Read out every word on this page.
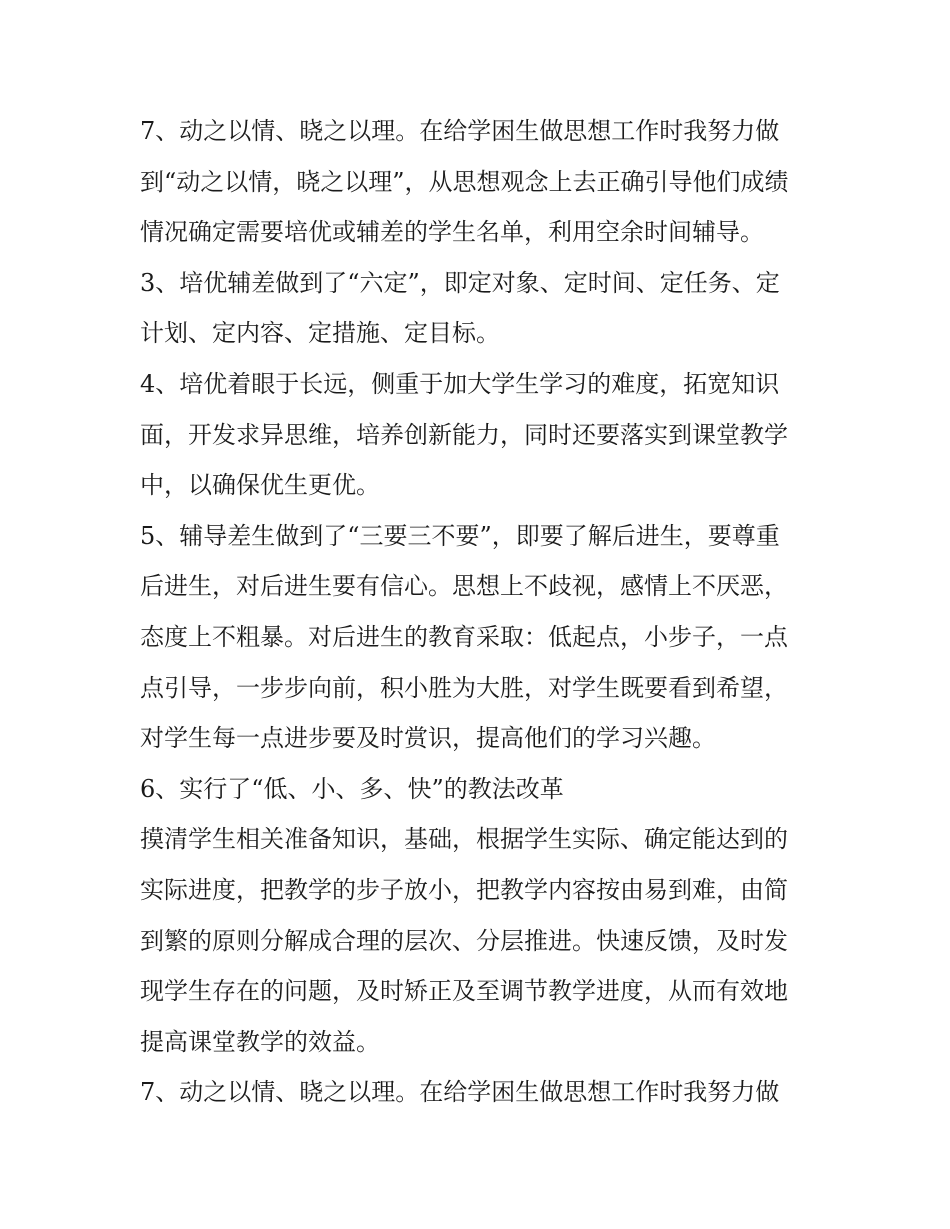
7、动之以情、晓之以理。在给学困生做思想工作时我努力做
到“动之以情，晓之以理”，从思想观念上去正确引导他们成绩
情况确定需要培优或辅差的学生名单，利用空余时间辅导。
3、培优辅差做到了“六定”，即定对象、定时间、定任务、定
计划、定内容、定措施、定目标。
4、培优着眼于长远，侧重于加大学生学习的难度，拓宽知识
面，开发求异思维，培养创新能力，同时还要落实到课堂教学
中，以确保优生更优。
5、辅导差生做到了“三要三不要”，即要了解后进生，要尊重
后进生，对后进生要有信心。思想上不歧视，感情上不厌恶，
态度上不粗暴。对后进生的教育采取：低起点，小步子，一点
点引导，一步步向前，积小胜为大胜，对学生既要看到希望，
对学生每一点进步要及时赏识，提高他们的学习兴趣。
6、实行了“低、小、多、快”的教法改革
摸清学生相关准备知识，基础，根据学生实际、确定能达到的
实际进度，把教学的步子放小，把教学内容按由易到难，由简
到繁的原则分解成合理的层次、分层推进。快速反馈，及时发
现学生存在的问题，及时矫正及至调节教学进度，从而有效地
提高课堂教学的效益。
7、动之以情、晓之以理。在给学困生做思想工作时我努力做
